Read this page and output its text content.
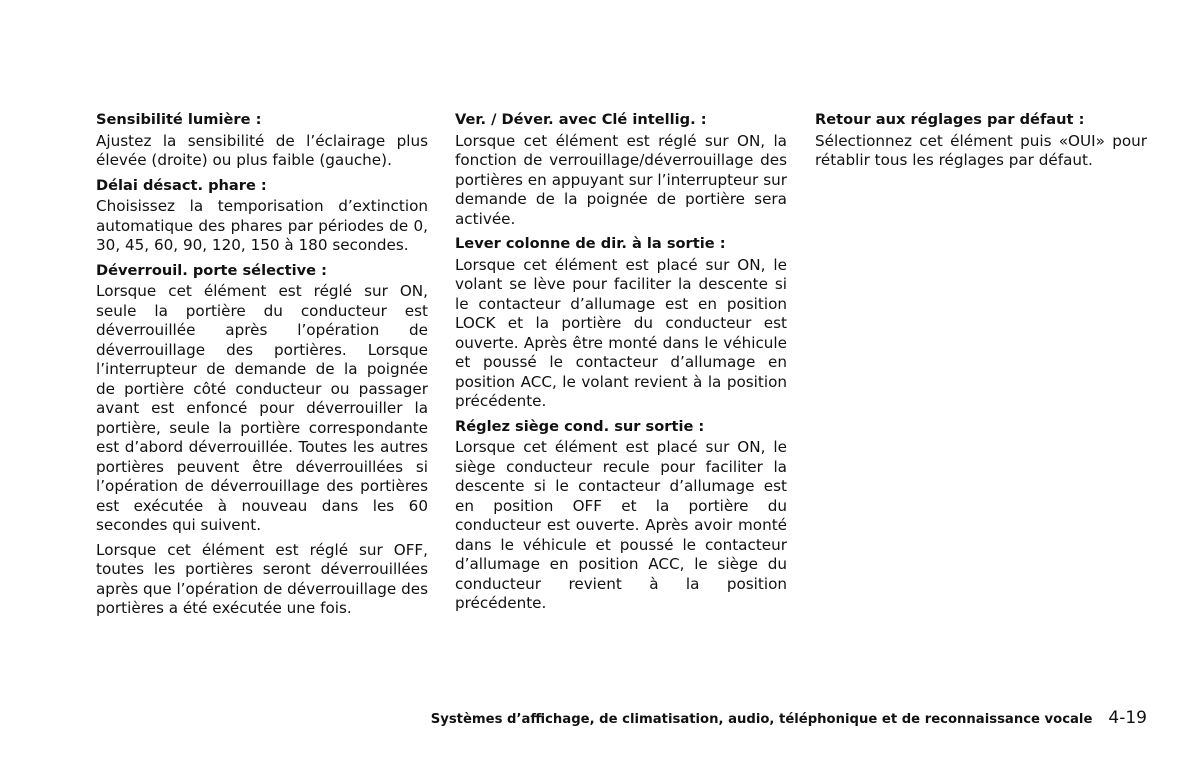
Sensibilité lumière :

Ajustez la sensibilité de l’éclairage plus élevée (droite) ou plus faible (gauche).

Délai désact. phare :

Choisissez la temporisation d’extinction automatique des phares par périodes de 0, 30, 45, 60, 90, 120, 150 à 180 secondes.

Déverrouil. porte sélective :

Lorsque cet élément est réglé sur ON, seule la portière du conducteur est déverrouillée après l’opération de déverrouillage des portières. Lorsque l’interrupteur de demande de la poignée de portière côté conducteur ou passager avant est enfoncé pour déverrouiller la portière, seule la portière correspondante est d’abord déverrouillée. Toutes les autres portières peuvent être déverrouillées si l’opération de déverrouillage des portières est exécutée à nouveau dans les 60 secondes qui suivent.

Lorsque cet élément est réglé sur OFF, toutes les portières seront déverrouillées après que l’opération de déverrouillage des portières a été exécutée une fois.

Ver. / Déver. avec Clé intellig. :

Lorsque cet élément est réglé sur ON, la fonction de verrouillage/déverrouillage des portières en appuyant sur l’interrupteur sur demande de la poignée de portière sera activée.

Lever colonne de dir. à la sortie :

Lorsque cet élément est placé sur ON, le volant se lève pour faciliter la descente si le contacteur d’allumage est en position LOCK et la portière du conducteur est ouverte. Après être monté dans le véhicule et poussé le contacteur d’allumage en position ACC, le volant revient à la position précédente.

Réglez siège cond. sur sortie :

Lorsque cet élément est placé sur ON, le siège conducteur recule pour faciliter la descente si le contacteur d’allumage est en position OFF et la portière du conducteur est ouverte. Après avoir monté dans le véhicule et poussé le contacteur d’allumage en position ACC, le siège du conducteur revient à la position précédente.

Retour aux réglages par défaut :

Sélectionnez cet élément puis «OUI» pour rétablir tous les réglages par défaut.

Systèmes d’affichage, de climatisation, audio, téléphonique et de reconnaissance vocale 4-19
